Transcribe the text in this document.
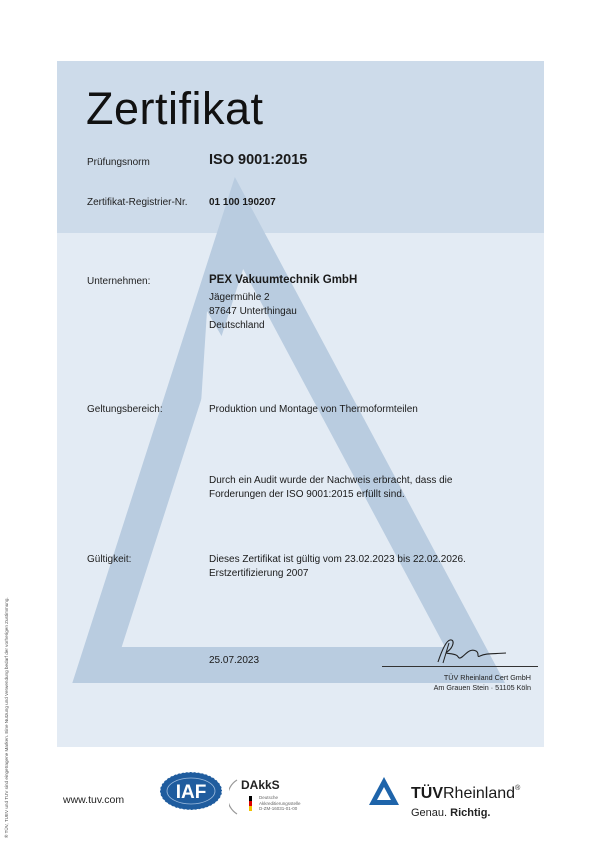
Zertifikat
Prüfungsnorm	ISO 9001:2015
Zertifikat-Registrier-Nr. 01 100 190207
Unternehmen:	PEX Vakuumtechnik GmbH
Jägermühle 2
87647 Unterthingau
Deutschland
Geltungsbereich:	Produktion und Montage von Thermoformteilen
Durch ein Audit wurde der Nachweis erbracht, dass die
Forderungen der ISO 9001:2015 erfüllt sind.
Gültigkeit:	Dieses Zertifikat ist gültig vom 23.02.2023 bis 22.02.2026.
Erstzertifizierung 2007
25.07.2023
TÜV Rheinland Cert GmbH
Am Grauen Stein · 51105 Köln
® TÜV, TUEV und TUV sind eingetragene Marken. Eine Nutzung und Verwendung bedarf der vorherigen Zustimmung.	www.tuv.com	IAF	DAkkS
Deutsche
Akkreditierungsstelle
D-ZM-16031-01-00
TÜVRheinland®
Genau. Richtig.
